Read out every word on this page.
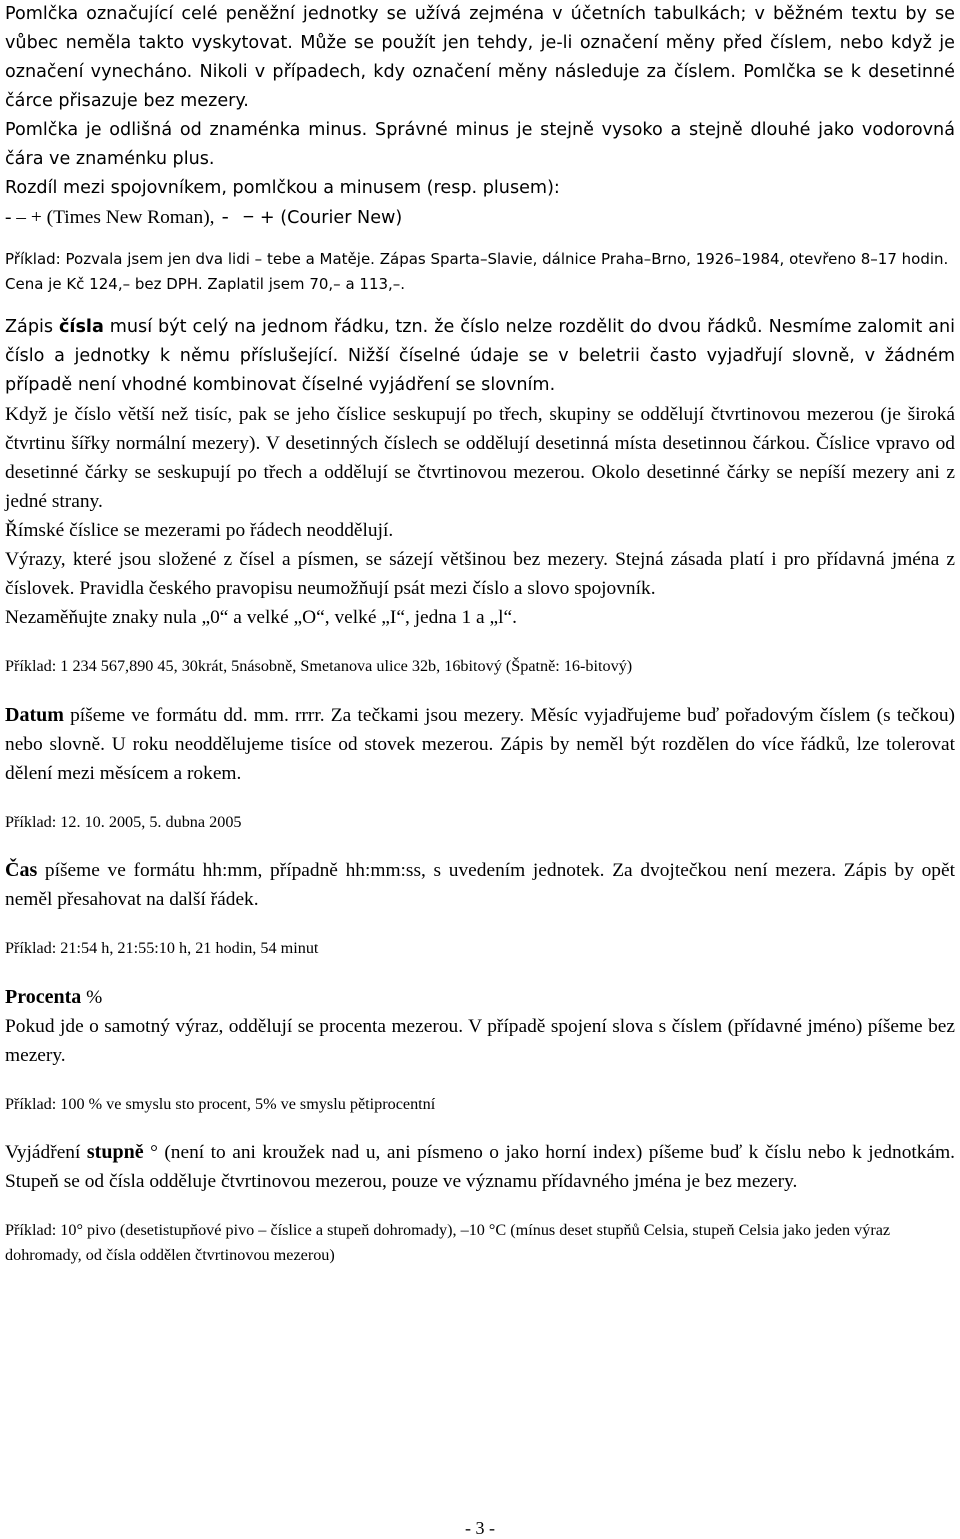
Pomlčka označující celé peněžní jednotky se užívá zejména v účetních tabulkách; v běžném textu by se vůbec neměla takto vyskytovat. Může se použít jen tehdy, je-li označení měny před číslem, nebo když je označení vynecháno. Nikoli v případech, kdy označení měny následuje za číslem. Pomlčka se k desetinné čárce přisazuje bez mezery.

Pomlčka je odlišná od znaménka minus. Správné minus je stejně vysoko a stejně dlouhé jako vodorovná čára ve znaménku plus.

Rozdíl mezi spojovníkem, pomlčkou a minusem (resp. plusem):

- – + (Times New Roman), - − + (Courier New)

Příklad: Pozvala jsem jen dva lidi – tebe a Matěje. Zápas Sparta–Slavie, dálnice Praha–Brno, 1926–1984, otevřeno 8–17 hodin. Cena je Kč 124,– bez DPH. Zaplatil jsem 70,– a 113,–.

Zápis čísla musí být celý na jednom řádku, tzn. že číslo nelze rozdělit do dvou řádků. Nesmíme zalomit ani číslo a jednotky k němu příslušející. Nižší číselné údaje se v beletrii často vyjadřují slovně, v žádném případě není vhodné kombinovat číselné vyjádření se slovním.

Když je číslo větší než tisíc, pak se jeho číslice seskupují po třech, skupiny se oddělují čtvrtinovou mezerou (je široká čtvrtinu šířky normální mezery). V desetinných číslech se oddělují desetinná místa desetinnou čárkou. Číslice vpravo od desetinné čárky se seskupují po třech a oddělují se čtvrtinovou mezerou. Okolo desetinné čárky se nepíší mezery ani z jedné strany.

Římské číslice se mezerami po řádech neoddělují.

Výrazy, které jsou složené z čísel a písmen, se sázejí většinou bez mezery. Stejná zásada platí i pro přídavná jména z číslovek. Pravidla českého pravopisu neumožňují psát mezi číslo a slovo spojovník.

Nezaměňujte znaky nula „0“ a velké „O“, velké „I“, jedna 1 a „l“.

Příklad: 1 234 567,890 45, 30krát, 5násobně, Smetanova ulice 32b, 16bitový (Špatně: 16-bitový)

Datum píšeme ve formátu dd. mm. rrrr. Za tečkami jsou mezery. Měsíc vyjadřujeme buď pořadovým číslem (s tečkou) nebo slovně. U roku neoddělujeme tisíce od stovek mezerou. Zápis by neměl být rozdělen do více řádků, lze tolerovat dělení mezi měsícem a rokem.

Příklad: 12. 10. 2005, 5. dubna 2005

Čas píšeme ve formátu hh:mm, případně hh:mm:ss, s uvedením jednotek. Za dvojtečkou není mezera. Zápis by opět neměl přesahovat na další řádek.

Příklad: 21:54 h, 21:55:10 h, 21 hodin, 54 minut

Procenta %

Pokud jde o samotný výraz, oddělují se procenta mezerou. V případě spojení slova s číslem (přídavné jméno) píšeme bez mezery.

Příklad: 100 % ve smyslu sto procent, 5% ve smyslu pětiprocentní

Vyjádření stupně ° (není to ani kroužek nad u, ani písmeno o jako horní index) píšeme buď k číslu nebo k jednotkám. Stupeň se od čísla odděluje čtvrtinovou mezerou, pouze ve významu přídavného jména je bez mezery.

Příklad: 10° pivo (desetistupňové pivo – číslice a stupeň dohromady), –10 °C (mínus deset stupňů Celsia, stupeň Celsia jako jeden výraz dohromady, od čísla oddělen čtvrtinovou mezerou)

- 3 -
